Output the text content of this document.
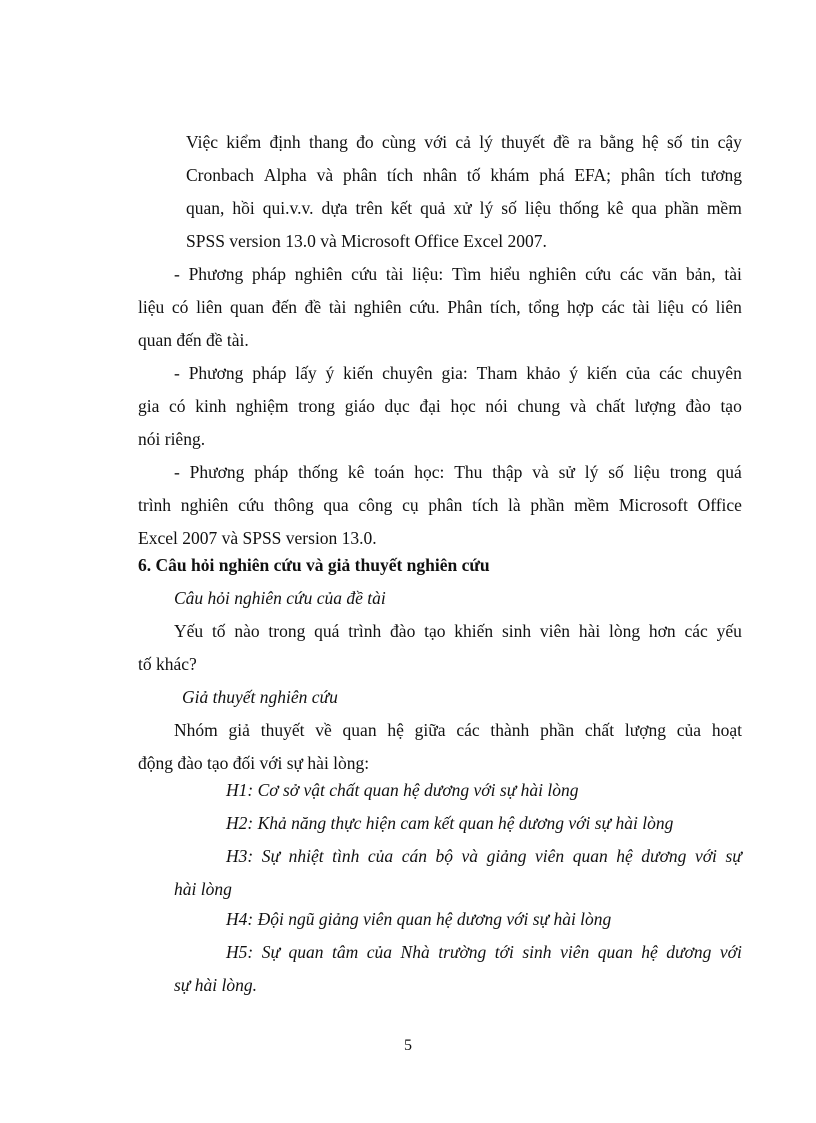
Việc kiểm định thang đo cùng với cả lý thuyết đề ra bằng hệ số tin cậy
Cronbach Alpha và phân tích nhân tố khám phá EFA; phân tích tương
quan, hồi qui.v.v. dựa trên kết quả xử lý số liệu thống kê qua phần mềm
SPSS version 13.0 và Microsoft Office Excel 2007.
- Phương pháp nghiên cứu tài liệu: Tìm hiểu nghiên cứu các văn bản, tài
liệu có liên quan đến đề tài nghiên cứu. Phân tích, tổng hợp các tài liệu có liên
quan đến đề tài.
- Phương pháp lấy ý kiến chuyên gia: Tham khảo ý kiến của các chuyên
gia có kinh nghiệm trong giáo dục đại học nói chung và chất lượng đào tạo
nói riêng.
- Phương pháp thống kê toán học: Thu thập và sử lý số liệu trong quá
trình nghiên cứu thông qua công cụ phân tích là phần mềm Microsoft Office
Excel 2007 và SPSS version 13.0.
6. Câu hỏi nghiên cứu và giả thuyết nghiên cứu
Câu hỏi nghiên cứu của đề tài
Yếu tố nào trong quá trình đào tạo khiến sinh viên hài lòng hơn các yếu
tố khác?
Giả thuyết nghiên cứu
Nhóm giả thuyết về quan hệ giữa các thành phần chất lượng của hoạt
động đào tạo đối với sự hài lòng:
H1: Cơ sở vật chất quan hệ dương với sự hài lòng
H2: Khả năng thực hiện cam kết quan hệ dương với sự hài lòng
H3: Sự nhiệt tình của cán bộ và giảng viên quan hệ dương với sự
hài lòng
H4: Đội ngũ giảng viên quan hệ dương với sự hài lòng
H5: Sự quan tâm của Nhà trường tới sinh viên quan hệ dương với
sự hài lòng.
5
